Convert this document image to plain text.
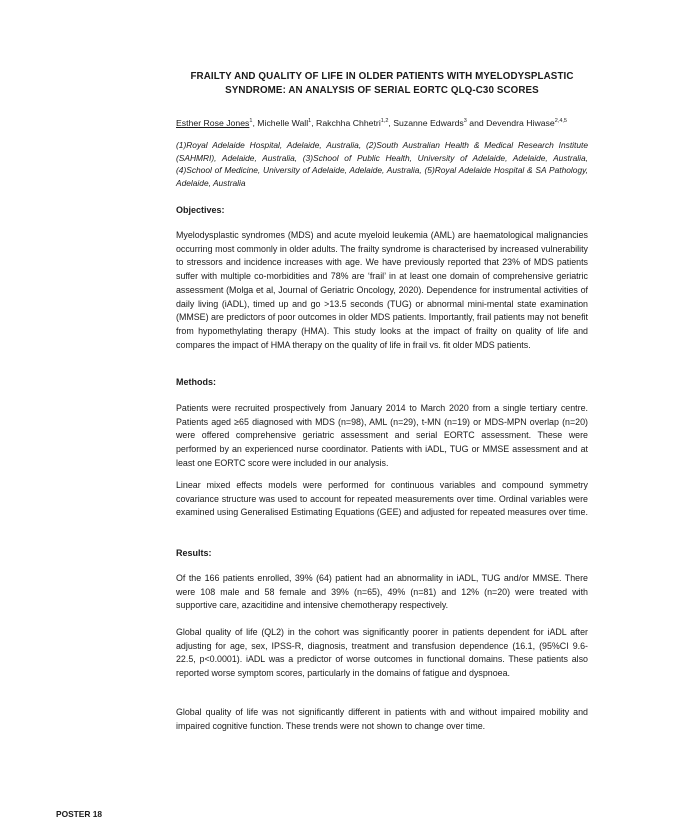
FRAILTY AND QUALITY OF LIFE IN OLDER PATIENTS WITH MYELODYSPLASTIC
SYNDROME: AN ANALYSIS OF SERIAL EORTC QLQ-C30 SCORES
Esther Rose Jones$^1$, Michelle Wall$^1$, Rakchha Chhetri$^{1,2}$, Suzanne Edwards$^3$ and Devendra Hiwase$^{2,4,5}$
(1)Royal Adelaide Hospital, Adelaide, Australia, (2)South Australian Health & Medical Research Institute (SAHMRI), Adelaide, Australia, (3)School of Public Health, University of Adelaide, Adelaide, Australia, (4)School of Medicine, University of Adelaide, Adelaide, Australia, (5)Royal Adelaide Hospital & SA Pathology, Adelaide, Australia
Objectives:

Myelodysplastic syndromes (MDS) and acute myeloid leukemia (AML) are haematological malignancies occurring most commonly in older adults. The frailty syndrome is characterised by increased vulnerability to stressors and incidence increases with age. We have previously reported that 23% of MDS patients suffer with multiple co-morbidities and 78% are ‘frail’ in at least one domain of comprehensive geriatric assessment (Molga et al, Journal of Geriatric Oncology, 2020). Dependence for instrumental activities of daily living (iADL), timed up and go >13.5 seconds (TUG) or abnormal mini-mental state examination (MMSE) are predictors of poor outcomes in older MDS patients. Importantly, frail patients may not benefit from hypomethylating therapy (HMA). This study looks at the impact of frailty on quality of life and compares the impact of HMA therapy on the quality of life in frail vs. fit older MDS patients.

Methods:

Patients were recruited prospectively from January 2014 to March 2020 from a single tertiary centre. Patients aged ≥65 diagnosed with MDS (n=98), AML (n=29), t-MN (n=19) or MDS-MPN overlap (n=20) were offered comprehensive geriatric assessment and serial EORTC assessment. These were performed by an experienced nurse coordinator. Patients with iADL, TUG or MMSE assessment and at least one EORTC score were included in our analysis.

Linear mixed effects models were performed for continuous variables and compound symmetry covariance structure was used to account for repeated measurements over time. Ordinal variables were examined using Generalised Estimating Equations (GEE) and adjusted for repeated measures over time.

Results:

Of the 166 patients enrolled, 39% (64) patient had an abnormality in iADL, TUG and/or MMSE. There were 108 male and 58 female and 39% (n=65), 49% (n=81) and 12% (n=20) were treated with supportive care, azacitidine and intensive chemotherapy respectively.

Global quality of life (QL2) in the cohort was significantly poorer in patients dependent for iADL after adjusting for age, sex, IPSS-R, diagnosis, treatment and transfusion dependence (16.1, (95%CI 9.6-22.5, p<0.0001). iADL was a predictor of worse outcomes in functional domains. These patients also reported worse symptom scores, particularly in the domains of fatigue and dyspnoea.

Global quality of life was not significantly different in patients with and without impaired mobility and impaired cognitive function. These trends were not shown to change over time.

POSTER 18
